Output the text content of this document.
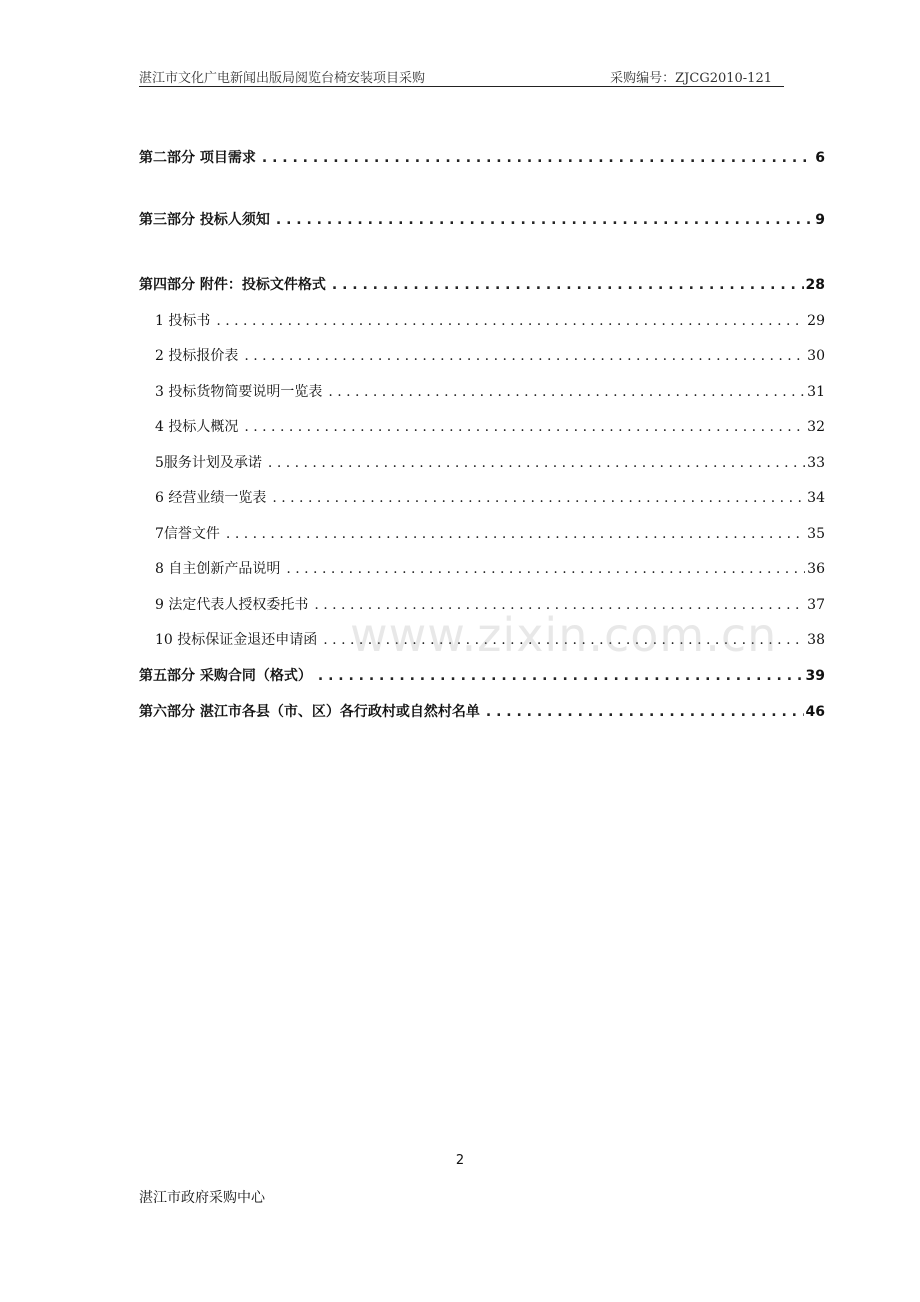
湛江市文化广电新闻出版局阅览台椅安装项目采购	采购编号：ZJCG2010-121
第二部分 项目需求 . . .	6
第三部分 投标人须知 . . .	9
第四部分 附件：投标文件格式 . . .	28
1 投标书 . . .	29
2 投标报价表 . . .	30
3 投标货物简要说明一览表 . . .	31
4 投标人概况 . . .	32
5服务计划及承诺 . . .	33
6 经营业绩一览表 . . .	34
7信誉文件 . . .	35
8 自主创新产品说明 . . .	36
9 法定代表人授权委托书 . . .	37
10 投标保证金退还申请函 . . .	38
第五部分 采购合同（格式） . . .	39
第六部分 湛江市各县（市、区）各行政村或自然村名单 . . .	46
www.zixin.com.cn
2
湛江市政府采购中心
